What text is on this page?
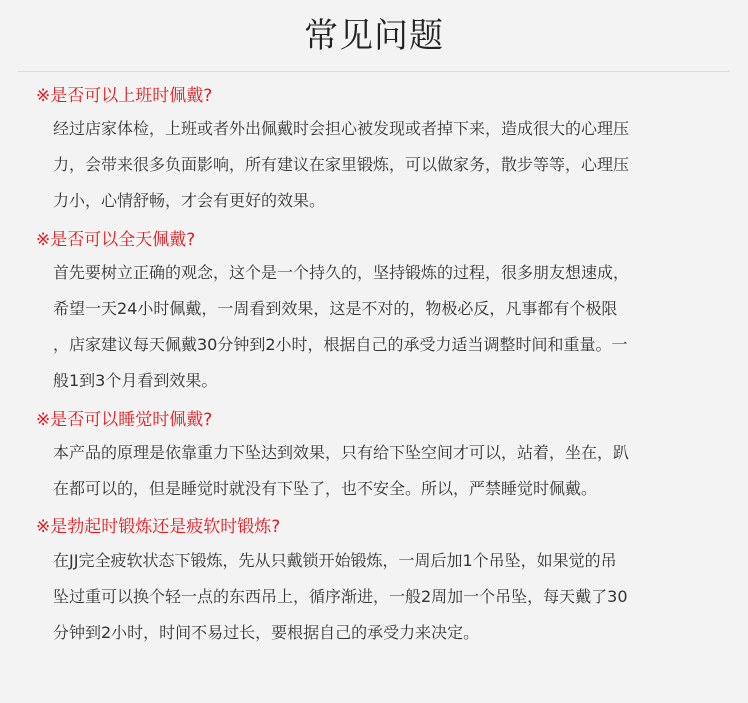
常见问题
※是否可以上班时佩戴?
经过店家体检，上班或者外出佩戴时会担心被发现或者掉下来，造成很大的心理压
力，会带来很多负面影响，所有建议在家里锻炼，可以做家务，散步等等，心理压
力小，心情舒畅，才会有更好的效果。
※是否可以全天佩戴?
首先要树立正确的观念，这个是一个持久的，坚持锻炼的过程，很多朋友想速成，
希望一天24小时佩戴，一周看到效果，这是不对的，物极必反，凡事都有个极限
，店家建议每天佩戴30分钟到2小时，根据自己的承受力适当调整时间和重量。一
般1到3个月看到效果。
※是否可以睡觉时佩戴?
本产品的原理是依靠重力下坠达到效果，只有给下坠空间才可以，站着，坐在，趴
在都可以的，但是睡觉时就没有下坠了，也不安全。所以，严禁睡觉时佩戴。
※是勃起时锻炼还是疲软时锻炼?
在JJ完全疲软状态下锻炼，先从只戴锁开始锻炼，一周后加1个吊坠，如果觉的吊
坠过重可以换个轻一点的东西吊上，循序渐进，一般2周加一个吊坠，每天戴了30
分钟到2小时，时间不易过长，要根据自己的承受力来决定。
